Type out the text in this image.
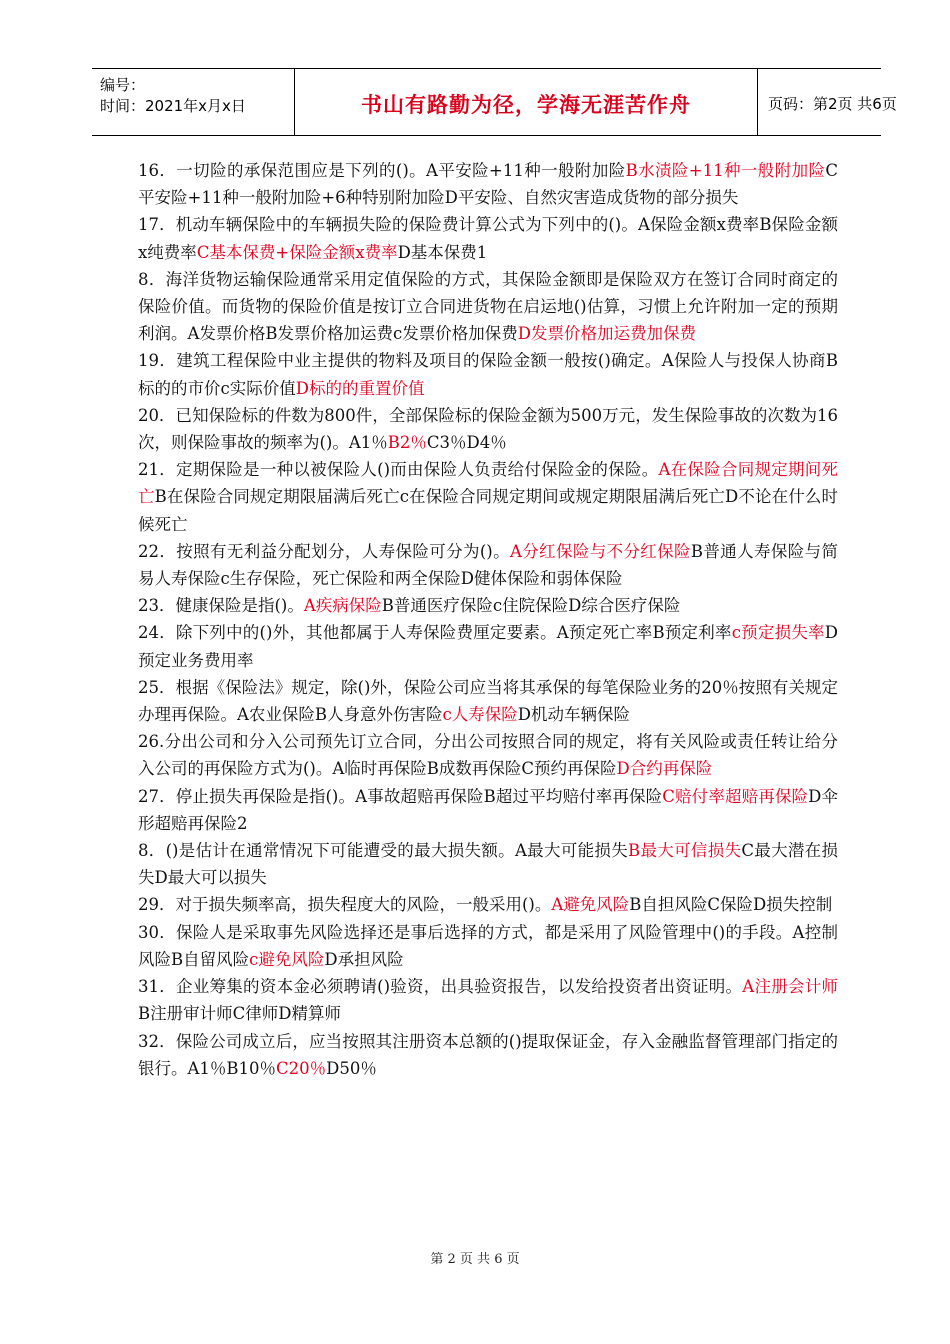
编号：
时间：2021年x月x日	书山有路勤为径，学海无涯苦作舟	页码：第2页 共6页
16．一切险的承保范围应是下列的()。A平安险+11种一般附加险B水渍险+11种一般附加险C平安险+11种一般附加险+6种特别附加险D平安险、自然灾害造成货物的部分损失
17．机动车辆保险中的车辆损失险的保险费计算公式为下列中的()。A保险金额x费率B保险金额x纯费率C基本保费+保险金额x费率D基本保费1
8．海洋货物运输保险通常采用定值保险的方式，其保险金额即是保险双方在签订合同时商定的保险价值。而货物的保险价值是按订立合同进货物在启运地()估算，习惯上允许附加一定的预期利润。A发票价格B发票价格加运费c发票价格加保费D发票价格加运费加保费
19．建筑工程保险中业主提供的物料及项目的保险金额一般按()确定。A保险人与投保人协商B标的的市价c实际价值D标的的重置价值
20．已知保险标的件数为800件，全部保险标的保险金额为500万元，发生保险事故的次数为16次，则保险事故的频率为()。A1％B2％C3％D4％
21．定期保险是一种以被保险人()而由保险人负责给付保险金的保险。A在保险合同规定期间死亡B在保险合同规定期限届满后死亡c在保险合同规定期间或规定期限届满后死亡D不论在什么时候死亡
22．按照有无利益分配划分，人寿保险可分为()。A分红保险与不分红保险B普通人寿保险与简易人寿保险c生存保险，死亡保险和两全保险D健体保险和弱体保险
23．健康保险是指()。A疾病保险B普通医疗保险c住院保险D综合医疗保险
24．除下列中的()外，其他都属于人寿保险费厘定要素。A预定死亡率B预定利率c预定损失率D预定业务费用率
25．根据《保险法》规定，除()外，保险公司应当将其承保的每笔保险业务的20％按照有关规定办理再保险。A农业保险B人身意外伤害险c人寿保险D机动车辆保险
26.分出公司和分入公司预先订立合同，分出公司按照合同的规定，将有关风险或责任转让给分入公司的再保险方式为()。A临时再保险B成数再保险C预约再保险D合约再保险
27．停止损失再保险是指()。A事故超赔再保险B超过平均赔付率再保险C赔付率超赔再保险D伞形超赔再保险2
8．()是估计在通常情况下可能遭受的最大损失额。A最大可能损失B最大可信损失C最大潜在损失D最大可以损失
29．对于损失频率高，损失程度大的风险，一般采用()。A避免风险B自担风险C保险D损失控制
30．保险人是采取事先风险选择还是事后选择的方式，都是采用了风险管理中()的手段。A控制风险B自留风险c避免风险D承担风险
31．企业筹集的资本金必须聘请()验资，出具验资报告，以发给投资者出资证明。A注册会计师B注册审计师C律师D精算师
32．保险公司成立后，应当按照其注册资本总额的()提取保证金，存入金融监督管理部门指定的银行。A1％B10％C20％D50％
第 2 页 共 6 页
